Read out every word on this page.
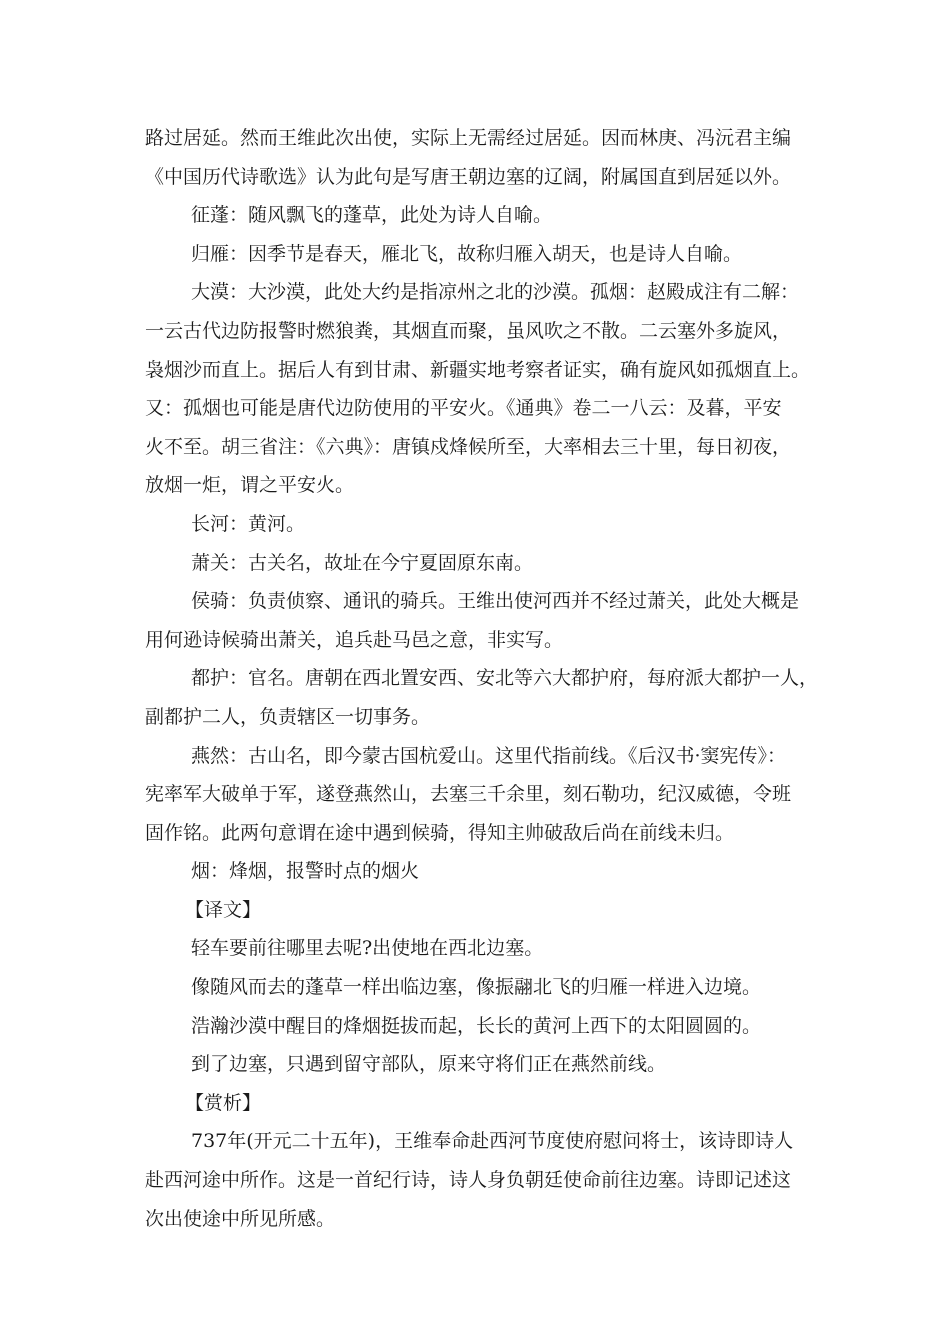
路过居延。然而王维此次出使，实际上无需经过居延。因而林庚、冯沅君主编
《中国历代诗歌选》认为此句是写唐王朝边塞的辽阔，附属国直到居延以外。
征蓬：随风飘飞的蓬草，此处为诗人自喻。
归雁：因季节是春天，雁北飞，故称归雁入胡天，也是诗人自喻。
大漠：大沙漠，此处大约是指凉州之北的沙漠。孤烟：赵殿成注有二解：
一云古代边防报警时燃狼粪，其烟直而聚，虽风吹之不散。二云塞外多旋风，
袅烟沙而直上。据后人有到甘肃、新疆实地考察者证实，确有旋风如孤烟直上。
又：孤烟也可能是唐代边防使用的平安火。《通典》卷二一八云：及暮，平安
火不至。胡三省注：《六典》：唐镇戍烽候所至，大率相去三十里，每日初夜，
放烟一炬，谓之平安火。
长河：黄河。
萧关：古关名，故址在今宁夏固原东南。
侯骑：负责侦察、通讯的骑兵。王维出使河西并不经过萧关，此处大概是
用何逊诗候骑出萧关，追兵赴马邑之意，非实写。
都护：官名。唐朝在西北置安西、安北等六大都护府，每府派大都护一人，
副都护二人，负责辖区一切事务。
燕然：古山名，即今蒙古国杭爱山。这里代指前线。《后汉书·窦宪传》：
宪率军大破单于军，遂登燕然山，去塞三千余里，刻石勒功，纪汉威德，令班
固作铭。此两句意谓在途中遇到候骑，得知主帅破敌后尚在前线未归。
烟：烽烟，报警时点的烟火
【译文】
轻车要前往哪里去呢?出使地在西北边塞。
像随风而去的蓬草一样出临边塞，像振翮北飞的归雁一样进入边境。
浩瀚沙漠中醒目的烽烟挺拔而起，长长的黄河上西下的太阳圆圆的。
到了边塞，只遇到留守部队，原来守将们正在燕然前线。
【赏析】
737年(开元二十五年)，王维奉命赴西河节度使府慰问将士，该诗即诗人
赴西河途中所作。这是一首纪行诗，诗人身负朝廷使命前往边塞。诗即记述这
次出使途中所见所感。
